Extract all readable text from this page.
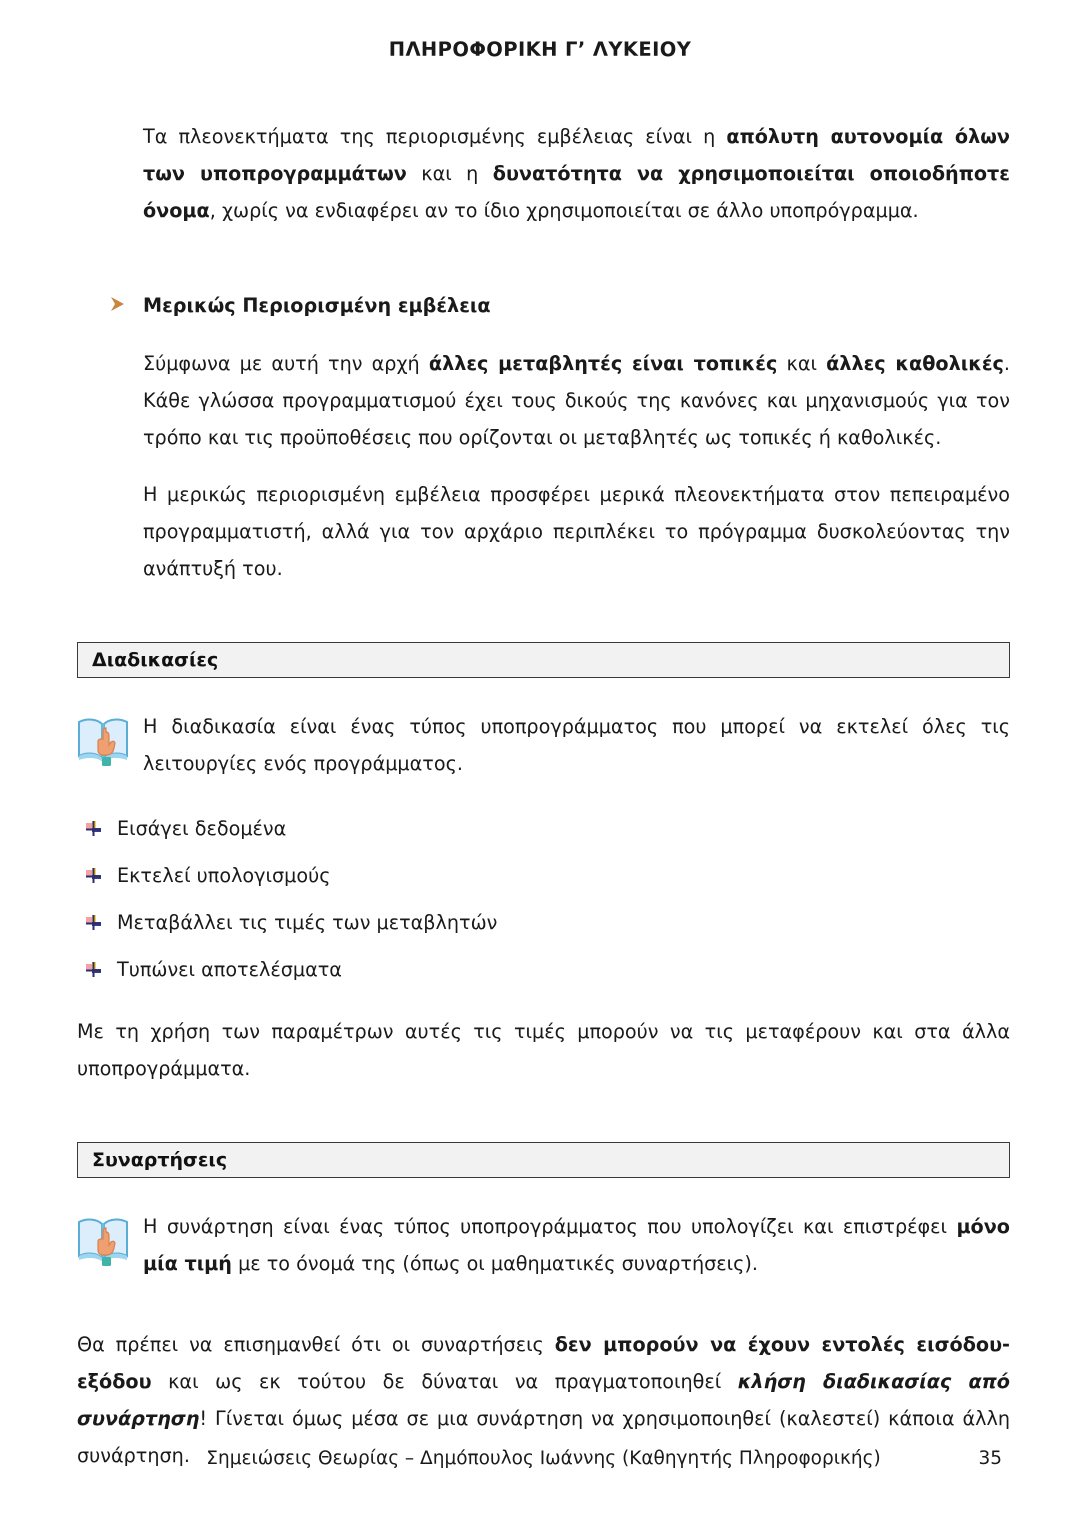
ΠΛΗΡΟΦΟΡΙΚΗ Γ’ ΛΥΚΕΙΟΥ

Τα πλεονεκτήματα της περιορισμένης εμβέλειας είναι η απόλυτη αυτονομία όλων των υποπρογραμμάτων και η δυνατότητα να χρησιμοποιείται οποιοδήποτε όνομα, χωρίς να ενδιαφέρει αν το ίδιο χρησιμοποιείται σε άλλο υποπρόγραμμα.

Μερικώς Περιορισμένη εμβέλεια

Σύμφωνα με αυτή την αρχή άλλες μεταβλητές είναι τοπικές και άλλες καθολικές. Κάθε γλώσσα προγραμματισμού έχει τους δικούς της κανόνες και μηχανισμούς για τον τρόπο και τις προϋποθέσεις που ορίζονται οι μεταβλητές ως τοπικές ή καθολικές.

Η μερικώς περιορισμένη εμβέλεια προσφέρει μερικά πλεονεκτήματα στον πεπειραμένο προγραμματιστή, αλλά για τον αρχάριο περιπλέκει το πρόγραμμα δυσκολεύοντας την ανάπτυξή του.

Διαδικασίες

Η διαδικασία είναι ένας τύπος υποπρογράμματος που μπορεί να εκτελεί όλες τις λειτουργίες ενός προγράμματος.

Εισάγει δεδομένα
Εκτελεί υπολογισμούς
Μεταβάλλει τις τιμές των μεταβλητών
Τυπώνει αποτελέσματα

Με τη χρήση των παραμέτρων αυτές τις τιμές μπορούν να τις μεταφέρουν και στα άλλα υποπρογράμματα.

Συναρτήσεις

Η συνάρτηση είναι ένας τύπος υποπρογράμματος που υπολογίζει και επιστρέφει μόνο μία τιμή με το όνομά της (όπως οι μαθηματικές συναρτήσεις).

Θα πρέπει να επισημανθεί ότι οι συναρτήσεις δεν μπορούν να έχουν εντολές εισόδου-εξόδου και ως εκ τούτου δε δύναται να πραγματοποιηθεί κλήση διαδικασίας από συνάρτηση! Γίνεται όμως μέσα σε μια συνάρτηση να χρησιμοποιηθεί (καλεστεί) κάποια άλλη συνάρτηση. Σημειώσεις Θεωρίας – Δημόπουλος Ιωάννης (Καθηγητής Πληροφορικής)	35
